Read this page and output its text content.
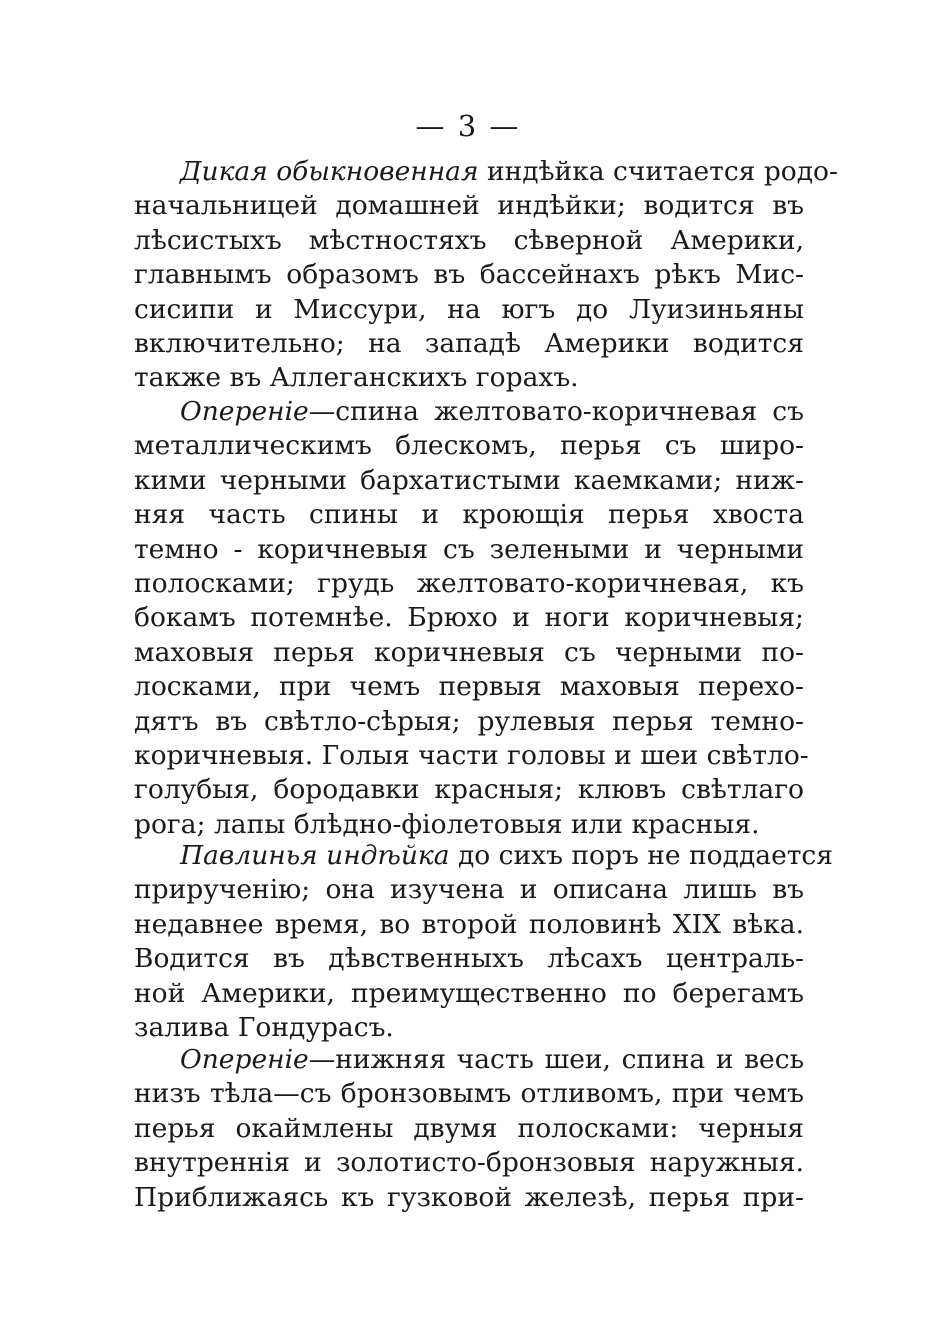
— 3 —
Дикая обыкновенная индѣйка считается родо-
начальницей домашней индѣйки; водится въ
лѣсистыхъ мѣстностяхъ сѣверной Америки,
главнымъ образомъ въ бассейнахъ рѣкъ Мис-
сисипи и Миссури, на югъ до Луизиньяны
включительно; на западѣ Америки водится
также въ Аллеганскихъ горахъ.
Опереніе—спина желтовато-коричневая съ
металлическимъ блескомъ, перья съ широ-
кими черными бархатистыми каемками; ниж-
няя часть спины и кроющія перья хвоста
темно - коричневыя съ зелеными и черными
полосками; грудь желтовато-коричневая, къ
бокамъ потемнѣе. Брюхо и ноги коричневыя;
маховыя перья коричневыя съ черными по-
лосками, при чемъ первыя маховыя перехо-
дятъ въ свѣтло-сѣрыя; рулевыя перья темно-
коричневыя. Голыя части головы и шеи свѣтло-
голубыя, бородавки красныя; клювъ свѣтлаго
рога; лапы блѣдно-фіолетовыя или красныя.
Павлинья индѣйка до сихъ поръ не поддается
прирученію; она изучена и описана лишь въ
недавнее время, во второй половинѣ XIX вѣка.
Водится въ дѣвственныхъ лѣсахъ централь-
ной Америки, преимущественно по берегамъ
залива Гондурасъ.
Опереніе—нижняя часть шеи, спина и весь
низъ тѣла—съ бронзовымъ отливомъ, при чемъ
перья окаймлены двумя полосками: черныя
внутреннія и золотисто-бронзовыя наружныя.
Приближаясь къ гузковой железѣ, перья при-
